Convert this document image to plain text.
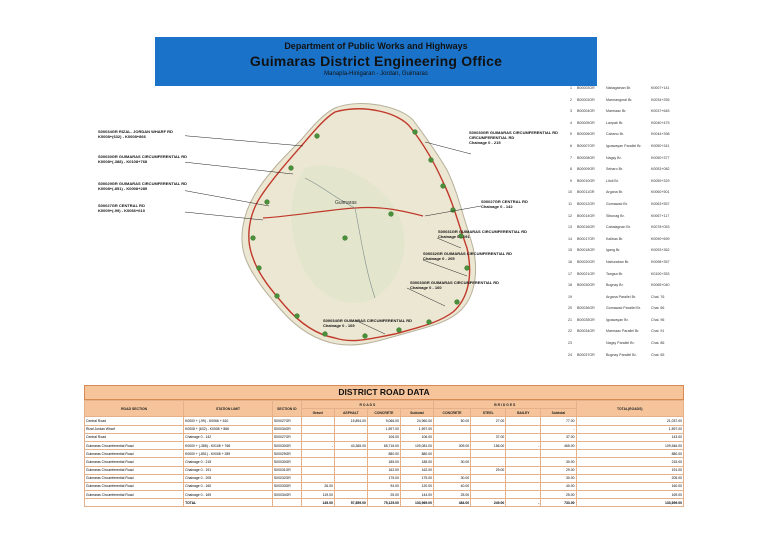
Department of Public Works and Highways
Guimaras District Engineering Office
Manapla-Hinigaran - Jordan, Guimaras
Guimaras
S00034GR RIZAL- JORDAN WHARF RD
K0008+(632) - K0008+866
S00030GR GUIMARAS CIRCUMFERENTIAL RD
K0008+(-388) - K0108+768
S00029GR GUIMARAS CIRCUMFERENTIAL RD
K0008+(-851) - K0008+289
S00027GR CENTRAL RD
K0009+(-99) - K0066+610
S00030GR GUIMARAS CIRCUMFERENTIAL RD
CIRCUMFERENTIAL RD
Chainage 0 - 215
S00027GR CENTRAL RD
Chainage 0 - 142
S00031GR GUIMARAS CIRCUMFERENTIAL RD
Chainage 0 - 191
S00032GR GUIMARAS CIRCUMFERENTIAL RD
Chainage 0 - 205
S00033GR GUIMARAS CIRCUMFERENTIAL RD
Chainage 0 - 160
S00034GR GUIMARAS CIRCUMFERENTIAL RD
Chainage 0 - 169
1 B00003GR	Nabagatnan Br.	K0007+141
2 B00003GR	Marmangmal Br.	K0034+255
3 B00004GR	Marmaac Br.	K0037+645
4 B00005GR	Lanpab Br.	K0040+475
5 B00006GR	Cabano Br.	K0044+398
6 B00007GR	Igcawayan Parallel Br.	K0050+341
7 B00008GR	Nagsy Br.	K0050+377
8 B00009GR	Sebaro Br.	K0053+082
9 B00010GR	Lituil Br.	K0059+329
10 B00011GR	Argana Br.	K0060+501
11 B00012GR	Gumawad Br.	K0063+557
12 B00014GR	Sibunag Br.	K0067+117
13 B00016GR	Cabalagnan Br.	K0078+053
14 B00017GR	Kalibas Br.	K0090+699
15 B00018GR	Igang Br.	K0093+362
16 B00020GR	Naburaban Br.	K0098+357
17 B00021GR	Tangsa Br.	K0100+353
18 B00030GR	Bugnay Br.	K0065+040
19	Argana Parallel Br.	Chai. 76
20 B00036GR	Gumawad Parallel Br.	Chai. 66
21 B00035GR	Igcawayan Br.	Chai. 96
22 B00034GR	Marmaac Parallel Br.	Chai. 91
23	Nagsy Parallel Br.	Chai. 86
24 B00037GR	Bugnay Parallel Br.	Chai. 65
DISTRICT ROAD DATA
ROAD SECTION	STATION LIMIT	SECTION ID	R O A D S				B R I D G E S				TOTAL(ROADS)
			Gravel	ASPHALT	CONCRETE	Subtotal	CONCRETE	STEEL	BAILEY	Subtotal	
Central Road	K0000 + (-99) - K0066 + 610	S00027GR		15,894.00	9,066.00	24,960.00	50.00	27.00		77.00	21,037.00
Rizal Jordan Wharf	K0008 + (632) - K0008 + 866	S00034GR			1,597.00	1,597.00				-	1,597.00
Central Road	Chainage 0 - 142	S00027GR			106.00	106.00		37.00		37.00	143.00
Guimaras Circumferential Road	K0000 + (-388) - K0108 + 768	S00030GR	-	43,365.00	65,716.00	109,081.00	309.00	156.00	-	465.00	109,546.00
Guimaras Circumferential Road	K0000 + (-851) - K0008 + 289	S00029GR			880.00	880.00					880.00
Guimaras Circumferential Road	Chainage 0 - 215	S00030GR			185.00	185.00	30.00			30.00	215.00
Guimaras Circumferential Road	Chainage 0 - 191	S00031GR			162.00	162.00		29.00		29.00	191.00
Guimaras Circumferential Road	Chainage 0 - 205	S00032GR			175.00	175.00	30.00			30.00	205.00
Guimaras Circumferential Road	Chainage 0 - 160	S00033GR	26.00		94.00	120.00	40.00			40.00	160.00
Guimaras Circumferential Road	Chainage 0 - 169	S00034GR	119.00		25.00	144.00	25.00			25.00	169.00
	TOTAL		145.00	57,859.00	75,125.00	133,969.00	484.00	249.00	-	733.00	133,699.00
